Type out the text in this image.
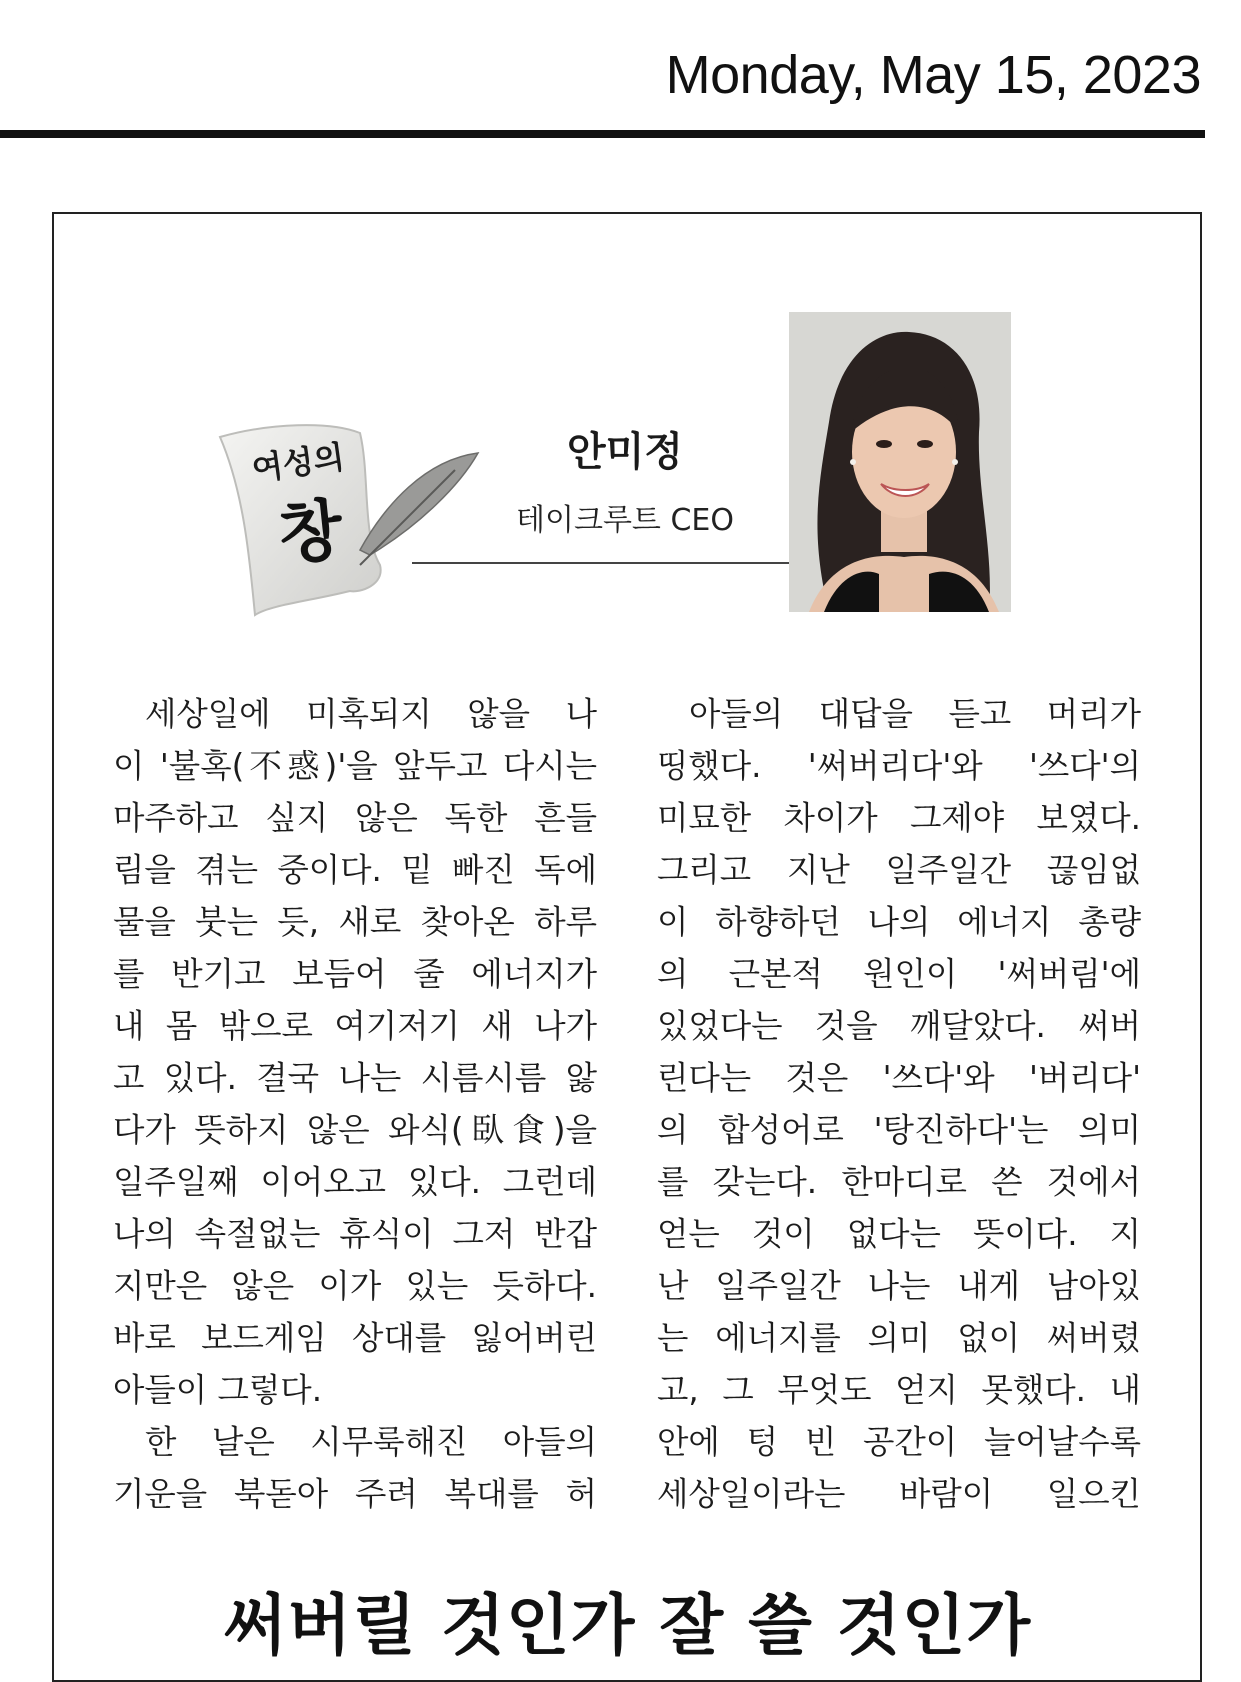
Monday, May 15, 2023
여성의
창
안미정
테이크루트 CEO
세상일에 미혹되지 않을 나
이 '불혹(不惑)'을 앞두고 다시는
마주하고 싶지 않은 독한 흔들
림을 겪는 중이다. 밑 빠진 독에
물을 붓는 듯, 새로 찾아온 하루
를 반기고 보듬어 줄 에너지가
내 몸 밖으로 여기저기 새 나가
고 있다. 결국 나는 시름시름 앓
다가 뜻하지 않은 와식(臥食)을
일주일째 이어오고 있다. 그런데
나의 속절없는 휴식이 그저 반갑
지만은 않은 이가 있는 듯하다.
바로 보드게임 상대를 잃어버린
아들이 그렇다.
한 날은 시무룩해진 아들의
기운을 북돋아 주려 복대를 허
아들의 대답을 듣고 머리가
띵했다. '써버리다'와 '쓰다'의
미묘한 차이가 그제야 보였다.
그리고 지난 일주일간 끊임없
이 하향하던 나의 에너지 총량
의 근본적 원인이 '써버림'에
있었다는 것을 깨달았다. 써버
린다는 것은 '쓰다'와 '버리다'
의 합성어로 '탕진하다'는 의미
를 갖는다. 한마디로 쓴 것에서
얻는 것이 없다는 뜻이다. 지
난 일주일간 나는 내게 남아있
는 에너지를 의미 없이 써버렸
고, 그 무엇도 얻지 못했다. 내
안에 텅 빈 공간이 늘어날수록
세상일이라는 바람이 일으킨
써버릴 것인가 잘 쓸 것인가
